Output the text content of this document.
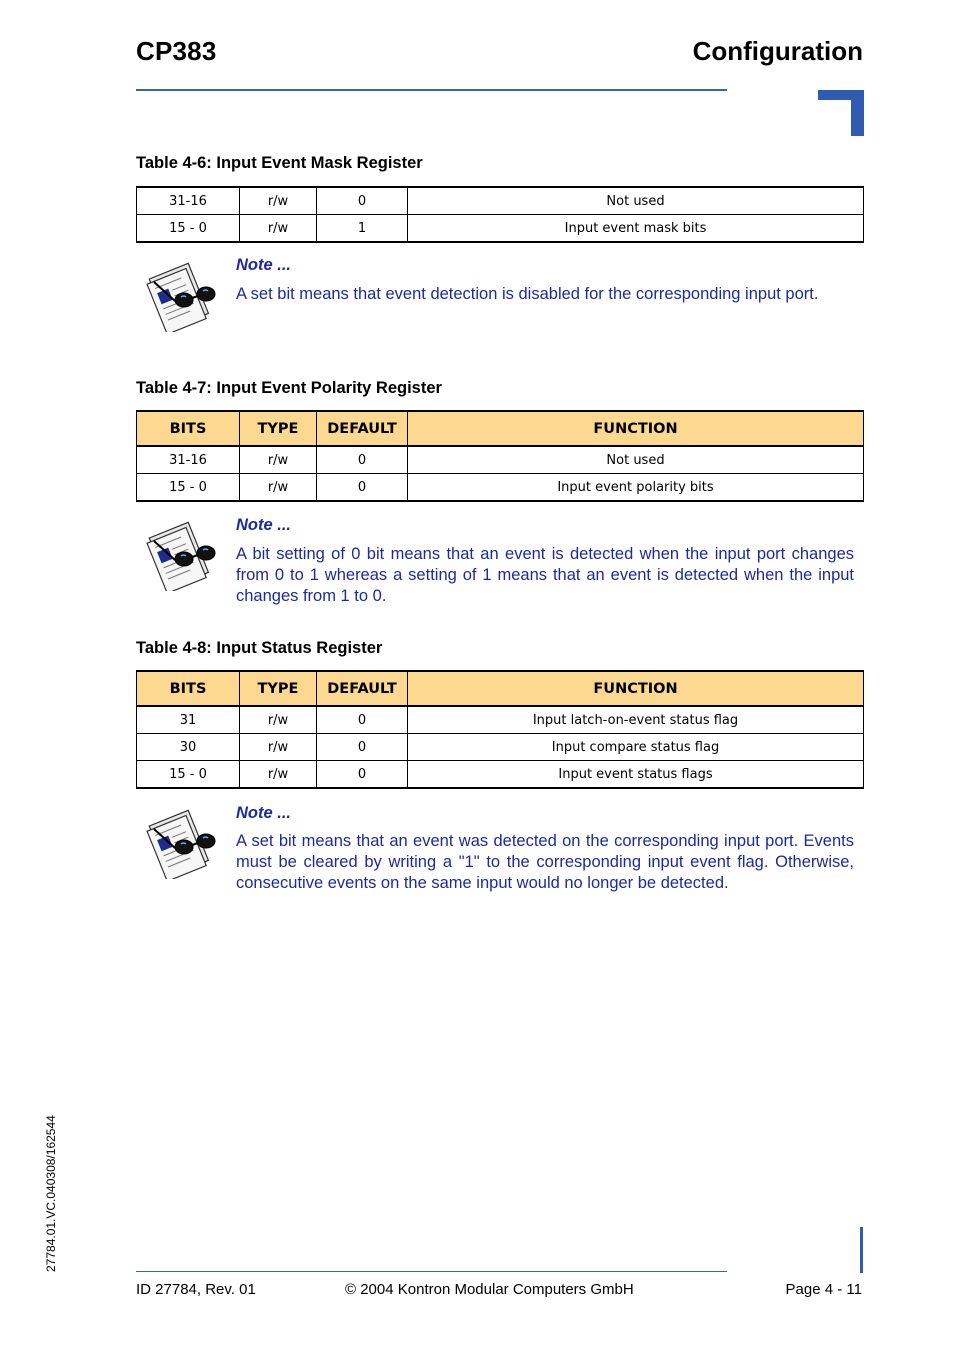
CP383	Configuration
Table 4-6: Input Event Mask Register
31-16	r/w	0	Not used
15 - 0	r/w	1	Input event mask bits
Note ...
A set bit means that event detection is disabled for the corresponding input port.
Table 4-7: Input Event Polarity Register
BITS	TYPE	DEFAULT	FUNCTION
31-16	r/w	0	Not used
15 - 0	r/w	0	Input event polarity bits
Note ...
A bit setting of 0 bit means that an event is detected when the input port changes from 0 to 1 whereas a setting of 1 means that an event is detected when the input changes from 1 to 0.
Table 4-8: Input Status Register
BITS	TYPE	DEFAULT	FUNCTION
31	r/w	0	Input latch-on-event status flag
30	r/w	0	Input compare status flag
15 - 0	r/w	0	Input event status flags
Note ...
A set bit means that an event was detected on the corresponding input port. Events must be cleared by writing a "1" to the corresponding input event flag. Otherwise, consecutive events on the same input would no longer be detected.
27784.01.VC.040308/162544
ID 27784, Rev. 01	© 2004 Kontron Modular Computers GmbH	Page 4 - 11
